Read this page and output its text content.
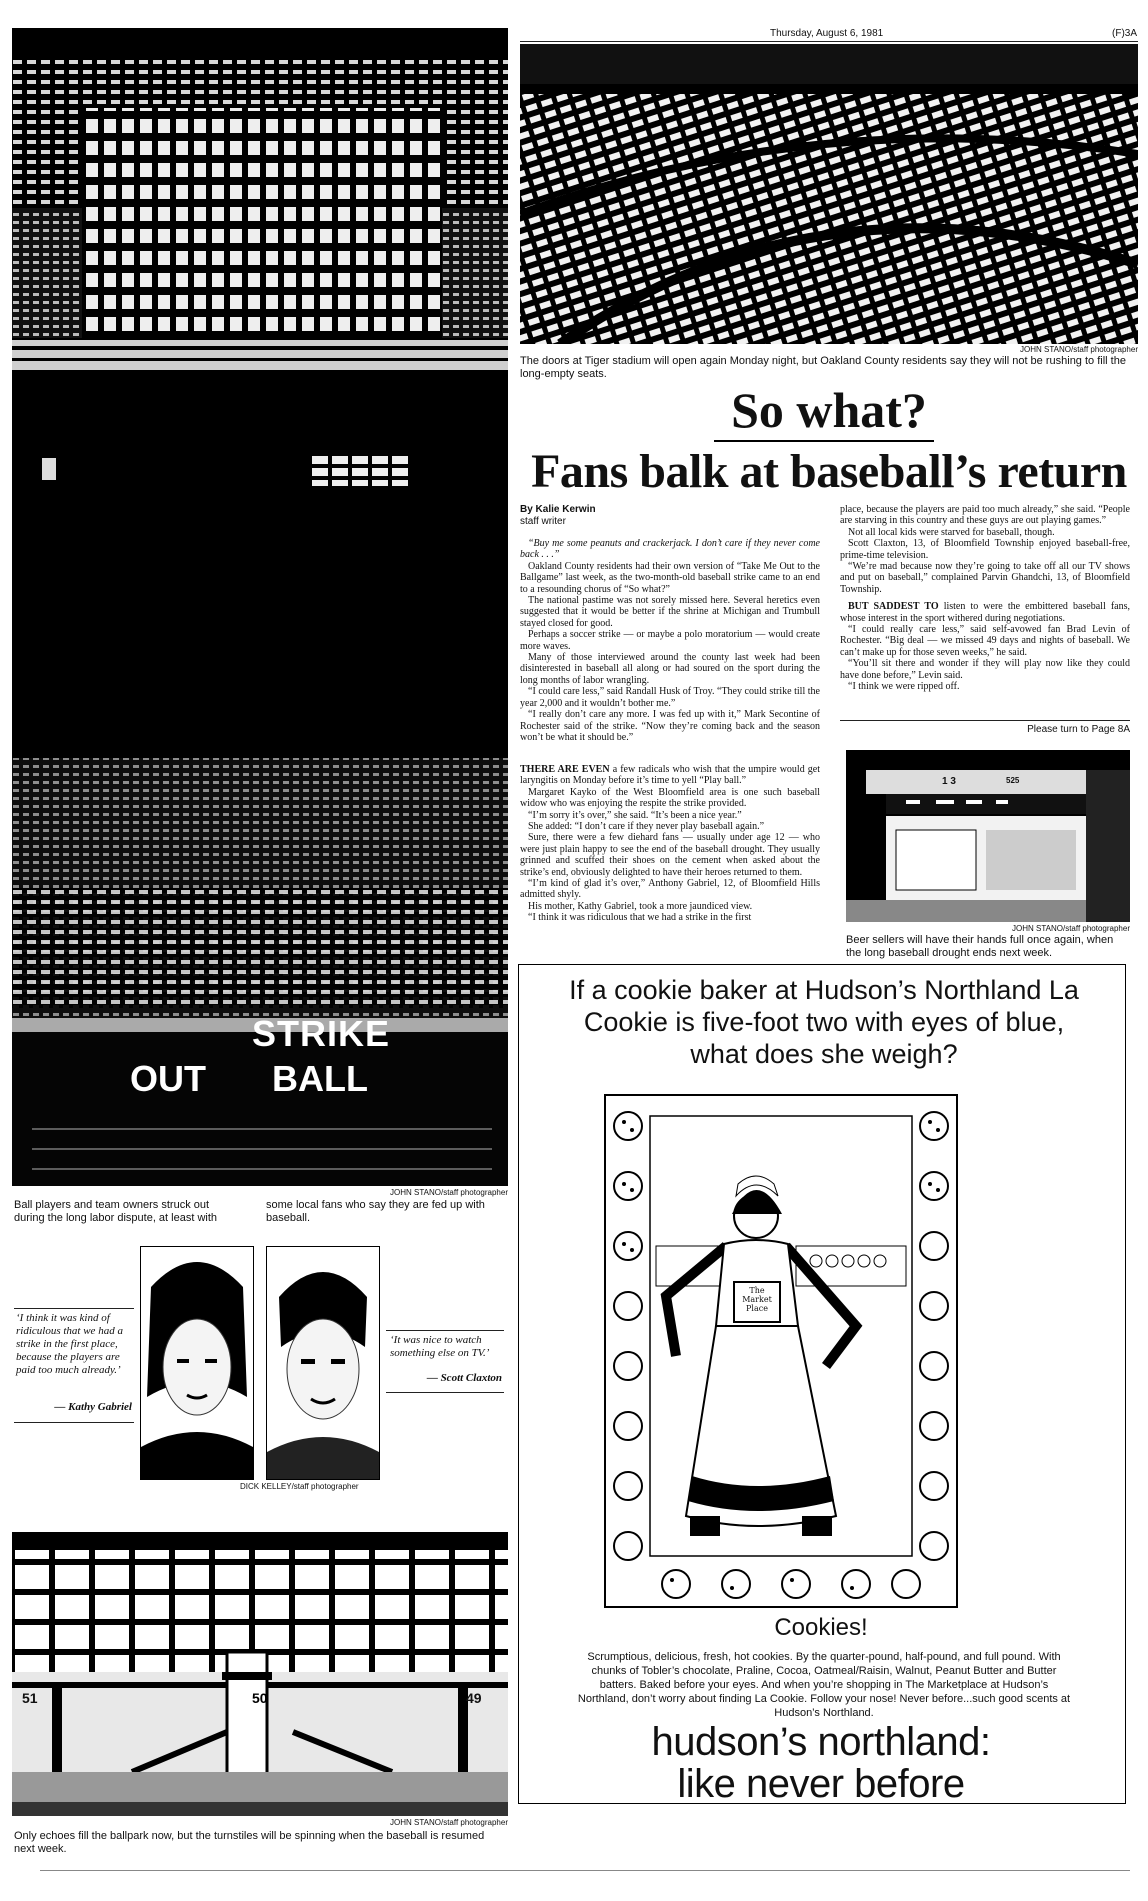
Thursday, August 6, 1981	(F)3A
STRIKE
OUT BALL
JOHN STANO/staff photographer
Ball players and team owners struck out during the long labor dispute, at least with
some local fans who say they are fed up with baseball.
‘I think it was kind of ridiculous that we had a strike in the first place, because the players are paid too much already.’
— Kathy Gabriel
‘It was nice to watch something else on TV.’
— Scott Claxton
DICK KELLEY/staff photographer
51	50	49
JOHN STANO/staff photographer
Only echoes fill the ballpark now, but the turnstiles will be spinning when the baseball is resumed next week.
JOHN STANO/staff photographer
The doors at Tiger stadium will open again Monday night, but Oakland County residents say they will not be rushing to fill the long-empty seats.
So what?
Fans balk at baseball’s return
By Kalie Kerwin
staff writer

“Buy me some peanuts and crackerjack. I don’t care if they never come back . . .”

Oakland County residents had their own version of “Take Me Out to the Ballgame” last week, as the two-month-old baseball strike came to an end to a resounding chorus of “So what?”

The national pastime was not sorely missed here. Several heretics even suggested that it would be better if the shrine at Michigan and Trumbull stayed closed for good.

Perhaps a soccer strike — or maybe a polo moratorium — would create more waves.

Many of those interviewed around the county last week had been disinterested in baseball all along or had soured on the sport during the long months of labor wrangling.

“I could care less,” said Randall Husk of Troy. “They could strike till the year 2,000 and it wouldn’t bother me.”

“I really don’t care any more. I was fed up with it,” Mark Secontine of Rochester said of the strike. “Now they’re coming back and the season won’t be what it should be.”

THERE ARE EVEN a few radicals who wish that the umpire would get laryngitis on Monday before it’s time to yell “Play ball.”

Margaret Kayko of the West Bloomfield area is one such baseball widow who was enjoying the respite the strike provided.

“I’m sorry it’s over,” she said. “It’s been a nice year.”

She added: “I don’t care if they never play baseball again.”

Sure, there were a few diehard fans — usually under age 12 — who were just plain happy to see the end of the baseball drought. They usually grinned and scuffed their shoes on the cement when asked about the strike’s end, obviously delighted to have their heroes returned to them.

“I’m kind of glad it’s over,” Anthony Gabriel, 12, of Bloomfield Hills admitted shyly.

His mother, Kathy Gabriel, took a more jaundiced view.

“I think it was ridiculous that we had a strike in the first

place, because the players are paid too much already,” she said. “People are starving in this country and these guys are out playing games.”

Not all local kids were starved for baseball, though.

Scott Claxton, 13, of Bloomfield Township enjoyed baseball-free, prime-time television.

“We’re mad because now they’re going to take off all our TV shows and put on baseball,” complained Parvin Ghandchi, 13, of Bloomfield Township.

BUT SADDEST TO listen to were the embittered baseball fans, whose interest in the sport withered during negotiations.

“I could really care less,” said self-avowed fan Brad Levin of Rochester. “Big deal — we missed 49 days and nights of baseball. We can’t make up for those seven weeks,” he said.

“You’ll sit there and wonder if they will play now like they could have done before,” Levin said.

“I think we were ripped off.

Please turn to Page 8A
1 3	525
JOHN STANO/staff photographer
Beer sellers will have their hands full once again, when the long baseball drought ends next week.
If a cookie baker at Hudson’s Northland La Cookie is five-foot two with eyes of blue, what does she weigh?
The Market Place
Cookies!
Scrumptious, delicious, fresh, hot cookies. By the quarter-pound, half-pound, and full pound. With chunks of Tobler’s chocolate, Praline, Cocoa, Oatmeal/Raisin, Walnut, Peanut Butter and Butter batters. Baked before your eyes. And when you’re shopping in The Marketplace at Hudson’s Northland, don’t worry about finding La Cookie. Follow your nose! Never before...such good scents at Hudson’s Northland.
hudson’s northland:
like never before
